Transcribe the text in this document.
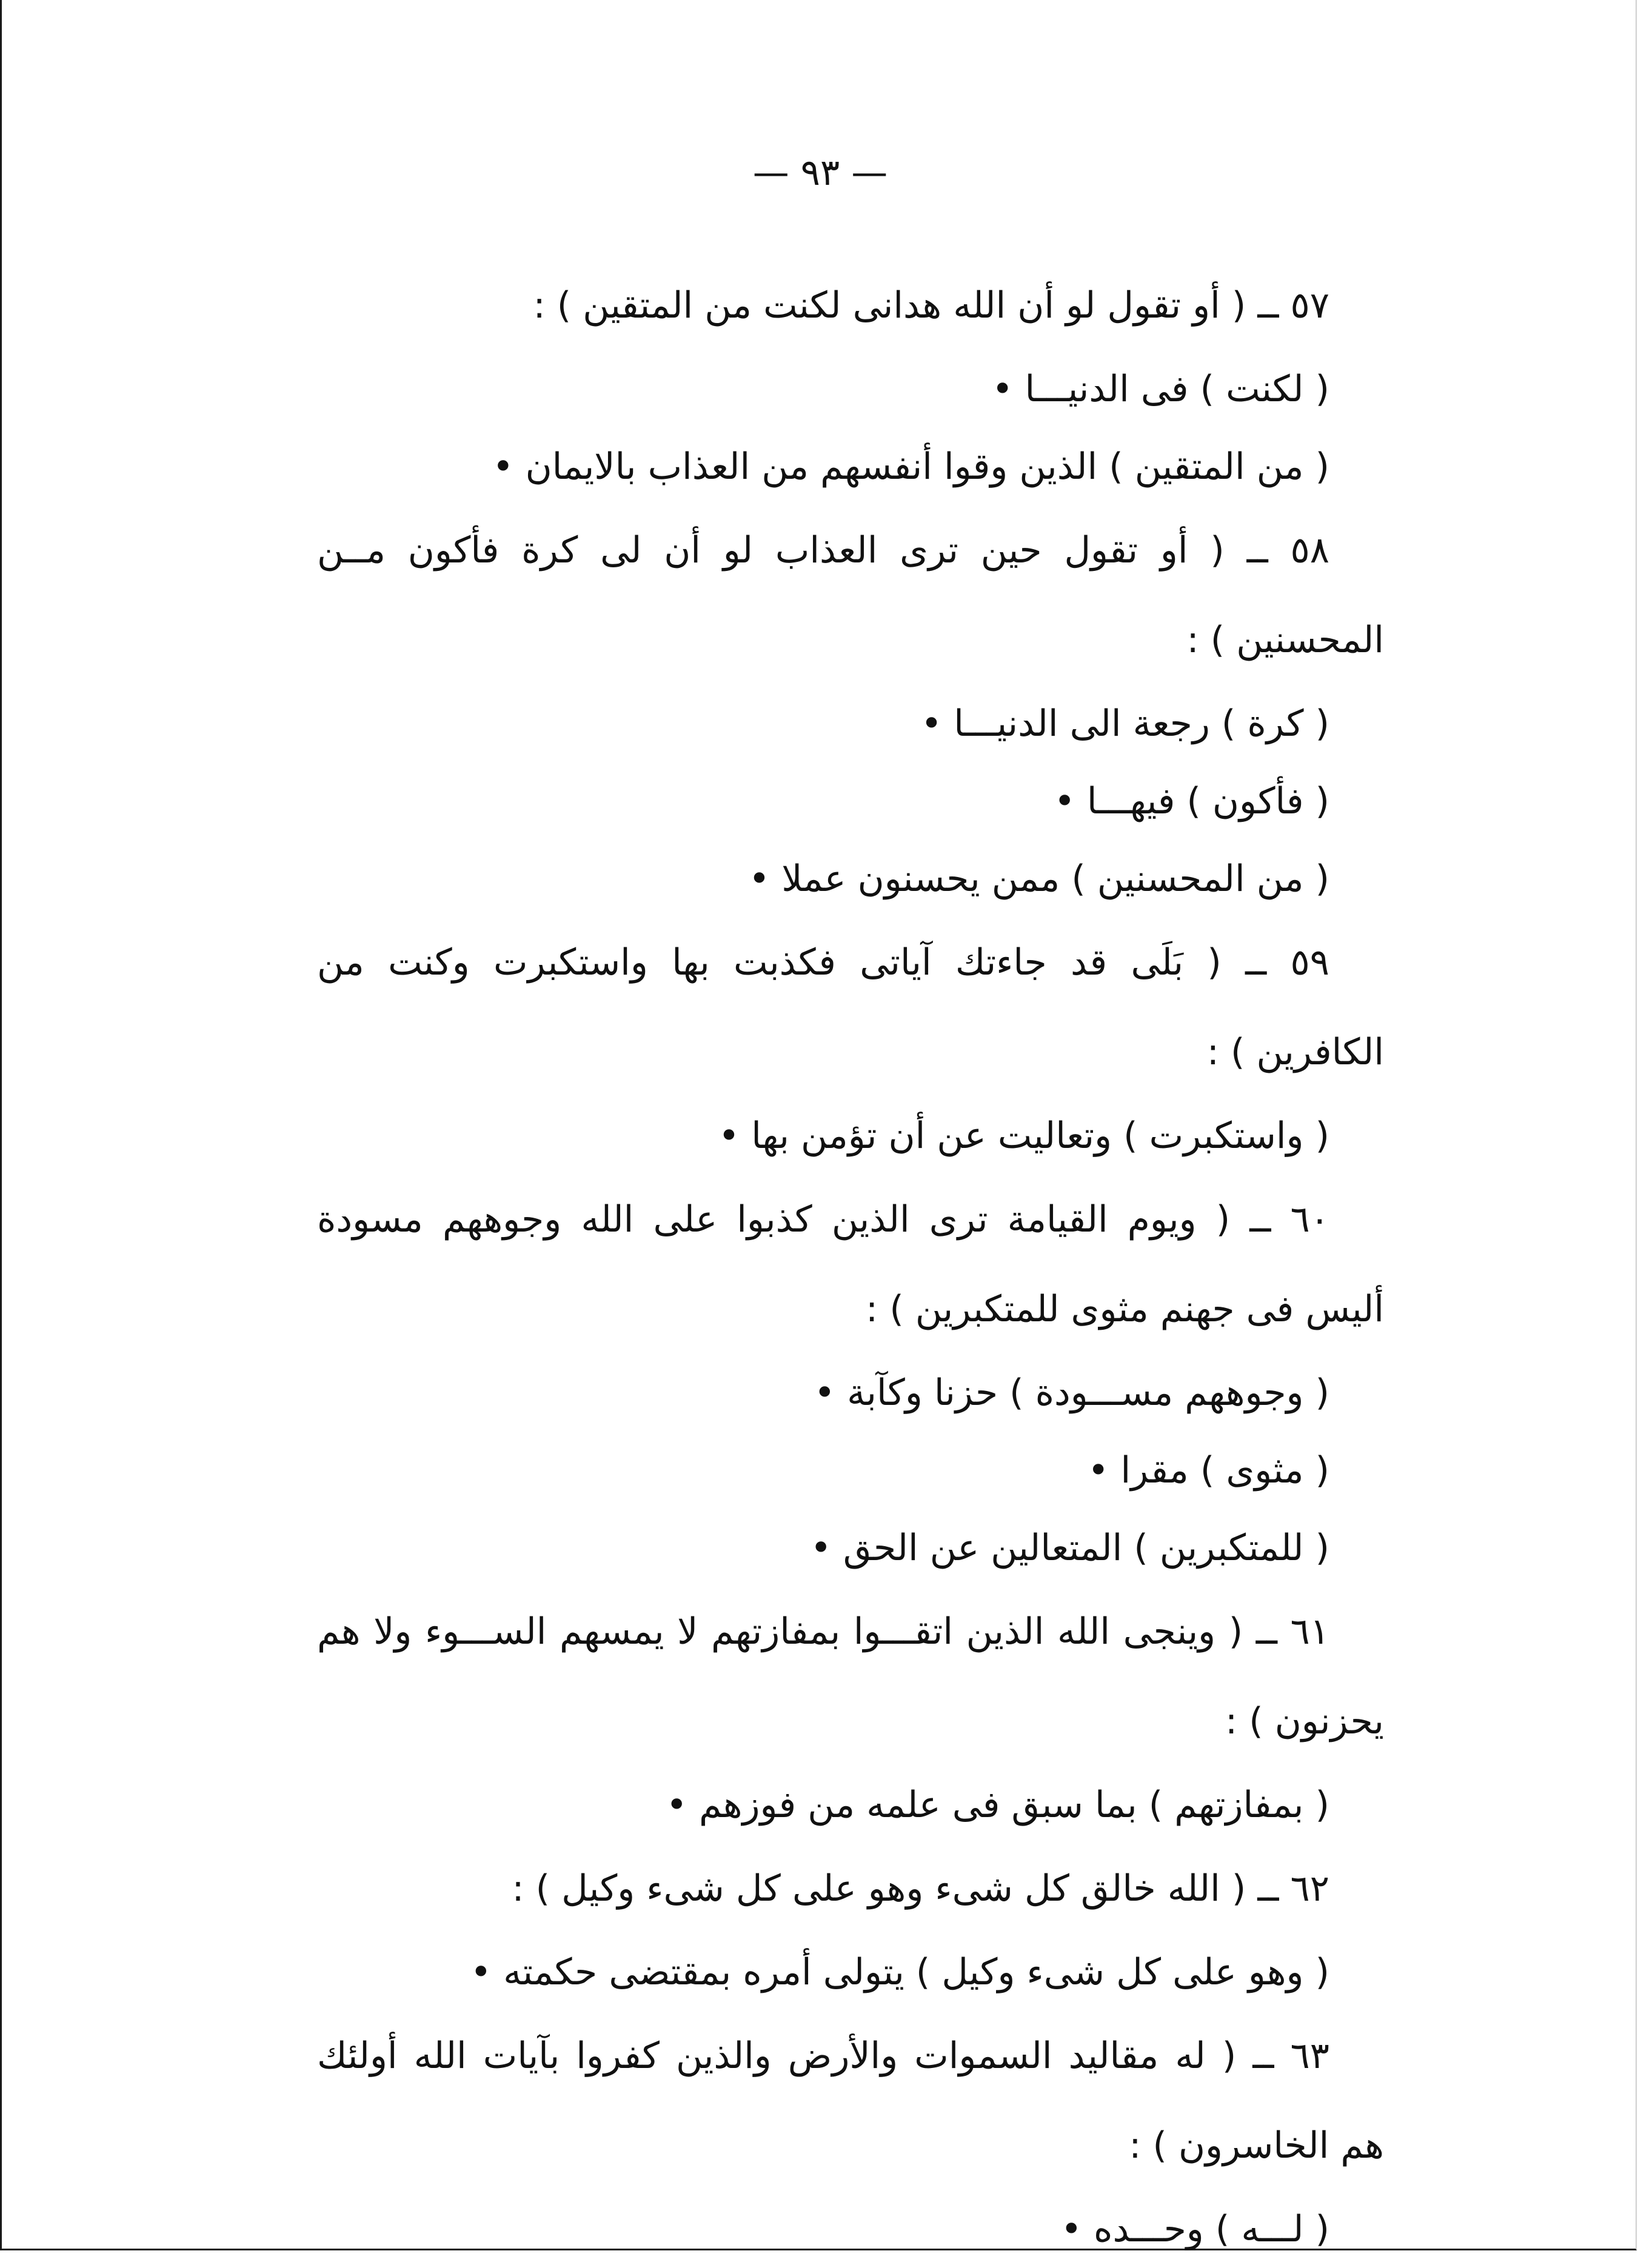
— ٩٣ —

٥٧ ــ ( أو تقول لو أن الله هدانى لكنت من المتقين ) :

( لكنت ) فى الدنيـــا •

( من المتقين ) الذين وقوا أنفسهم من العذاب بالايمان •

٥٨ ــ ( أو تقول حين ترى العذاب لو أن لى كرة فأكون مــن المحسنين ) :

( كرة ) رجعة الى الدنيـــا •

( فأكون ) فيهـــا •

( من المحسنين ) ممن يحسنون عملا •

٥٩ ــ ( بَلَى قد جاءتك آياتى فكذبت بها واستكبرت وكنت من الكافرين ) :

( واستكبرت ) وتعاليت عن أن تؤمن بها •

٦٠ ــ ( ويوم القيامة ترى الذين كذبوا على الله وجوههم مسودة أليس فى جهنم مثوى للمتكبرين ) :

( وجوههم مســـودة ) حزنا وكآبة •

( مثوى ) مقرا •

( للمتكبرين ) المتعالين عن الحق •

٦١ ــ ( وينجى الله الذين اتقـــوا بمفازتهم لا يمسهم الســـوء ولا هم يحزنون ) :

( بمفازتهم ) بما سبق فى علمه من فوزهم •

٦٢ ــ ( الله خالق كل شىء وهو على كل شىء وكيل ) :

( وهو على كل شىء وكيل ) يتولى أمره بمقتضى حكمته •

٦٣ ــ ( له مقاليد السموات والأرض والذين كفروا بآيات الله أولئك هم الخاسرون ) :

( لـــه ) وحـــده •
